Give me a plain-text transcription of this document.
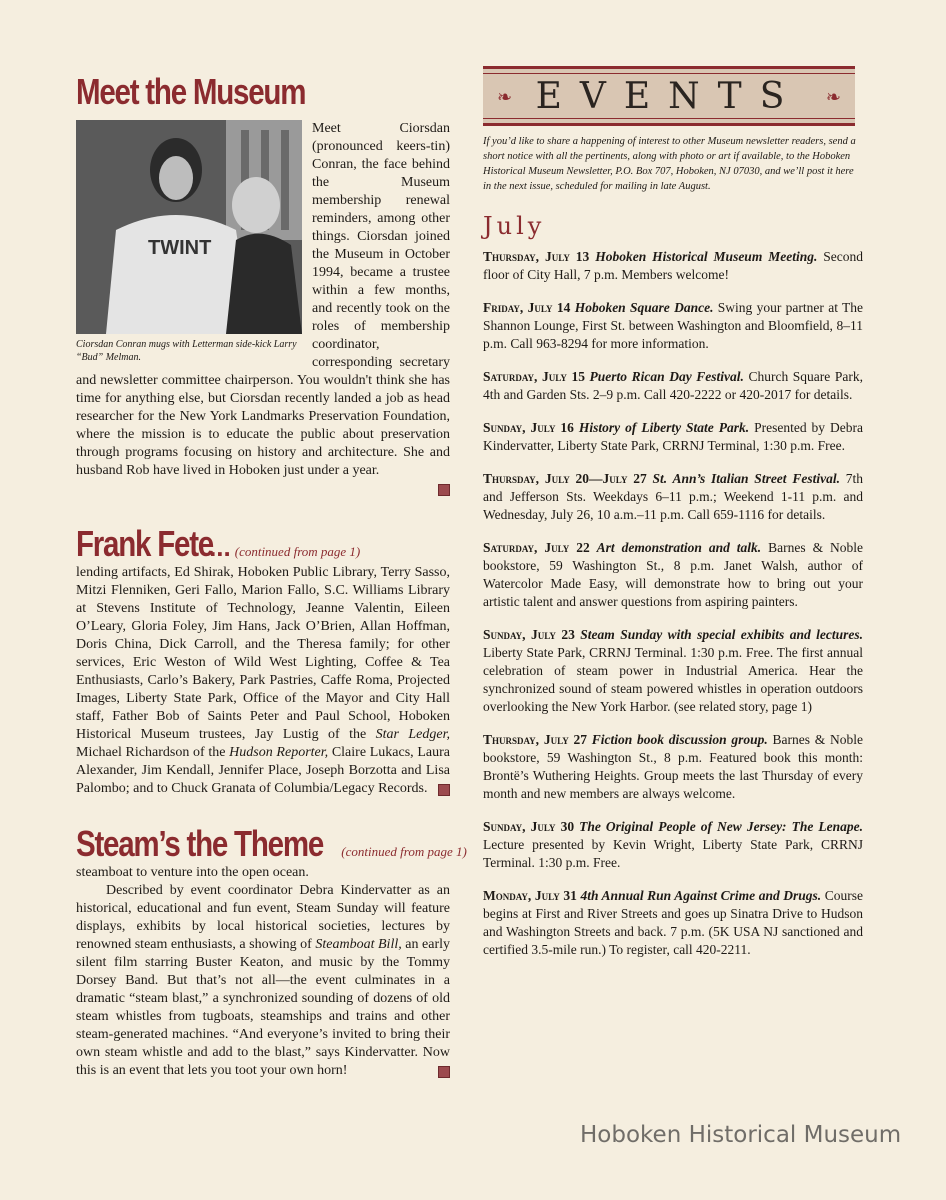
Meet the Museum
TWINT
Ciorsdan Conran mugs with Letterman side-kick Larry “Bud” Melman.

Meet Ciorsdan (pronounced keers-tin) Conran, the face behind the Museum membership renewal reminders, among other things. Ciorsdan joined the Museum in October 1994, became a trustee within a few months, and recently took on the roles of membership coordinator, corresponding secretary and newsletter committee chairperson. You wouldn't think she has time for anything else, but Ciorsdan recently landed a job as head researcher for the New York Landmarks Preservation Foundation, where the mission is to educate the public about preservation through programs focusing on history and architecture. She and husband Rob have lived in Hoboken just under a year.

Frank Fete
... (continued from page 1)

lending artifacts, Ed Shirak, Hoboken Public Library, Terry Sasso, Mitzi Flenniken, Geri Fallo, Marion Fallo, S.C. Williams Library at Stevens Institute of Technology, Jeanne Valentin, Eileen O’Leary, Gloria Foley, Jim Hans, Jack O’Brien, Allan Hoffman, Doris China, Dick Carroll, and the Theresa family; for other services, Eric Weston of Wild West Lighting, Coffee & Tea Enthusiasts, Carlo’s Bakery, Park Pastries, Caffe Roma, Projected Images, Liberty State Park, Office of the Mayor and City Hall staff, Father Bob of Saints Peter and Paul School, Hoboken Historical Museum trustees, Jay Lustig of the Star Ledger, Michael Richardson of the Hudson Reporter, Claire Lukacs, Laura Alexander, Jim Kendall, Jennifer Place, Joseph Borzotta and Lisa Palombo; and to Chuck Granata of Columbia/Legacy Records.

Steam’s the Theme (continued from page 1)

steamboat to venture into the open ocean.

Described by event coordinator Debra Kindervatter as an historical, educational and fun event, Steam Sunday will feature displays, exhibits by local historical societies, lectures by renowned steam enthusiasts, a showing of Steamboat Bill, an early silent film starring Buster Keaton, and music by the Tommy Dorsey Band. But that’s not all—the event culminates in a dramatic “steam blast,” a synchronized sounding of dozens of old steam whistles from tugboats, steamships and trains and other steam-generated machines. “And everyone’s invited to bring their own steam whistle and add to the blast,” says Kindervatter. Now this is an event that lets you toot your own horn!

❧ EVENTS	❧
If you’d like to share a happening of interest to other Museum newsletter readers, send a short notice with all the pertinents, along with photo or art if available, to the Hoboken Historical Museum Newsletter, P.O. Box 707, Hoboken, NJ 07030, and we’ll post it here in the next issue, scheduled for mailing in late August.
July

Thursday, July 13 Hoboken Historical Museum Meeting. Second floor of City Hall, 7 p.m. Members welcome!

Friday, July 14 Hoboken Square Dance. Swing your partner at The Shannon Lounge, First St. between Washington and Bloomfield, 8–11 p.m. Call 963-8294 for more information.

Saturday, July 15 Puerto Rican Day Festival. Church Square Park, 4th and Garden Sts. 2–9 p.m. Call 420-2222 or 420-2017 for details.

Sunday, July 16 History of Liberty State Park. Presented by Debra Kindervatter, Liberty State Park, CRRNJ Terminal, 1:30 p.m. Free.

Thursday, July 20—July 27 St. Ann’s Italian Street Festival. 7th and Jefferson Sts. Weekdays 6–11 p.m.; Weekend 1-11 p.m. and Wednesday, July 26, 10 a.m.–11 p.m. Call 659-1116 for details.

Saturday, July 22 Art demonstration and talk. Barnes & Noble bookstore, 59 Washington St., 8 p.m. Janet Walsh, author of Watercolor Made Easy, will demonstrate how to bring out your artistic talent and answer questions from aspiring painters.

Sunday, July 23 Steam Sunday with special exhibits and lectures. Liberty State Park, CRRNJ Terminal. 1:30 p.m. Free. The first annual celebration of steam power in Industrial America. Hear the synchronized sound of steam powered whistles in operation outdoors overlooking the New York Harbor. (see related story, page 1)

Thursday, July 27 Fiction book discussion group. Barnes & Noble bookstore, 59 Washington St., 8 p.m. Featured book this month: Brontë’s Wuthering Heights. Group meets the last Thursday of every month and new members are always welcome.

Sunday, July 30 The Original People of New Jersey: The Lenape. Lecture presented by Kevin Wright, Liberty State Park, CRRNJ Terminal. 1:30 p.m. Free.

Monday, July 31 4th Annual Run Against Crime and Drugs. Course begins at First and River Streets and goes up Sinatra Drive to Hudson and Washington Streets and back. 7 p.m. (5K USA NJ sanctioned and certified 3.5-mile run.) To register, call 420-2211.

Hoboken Historical Museum
